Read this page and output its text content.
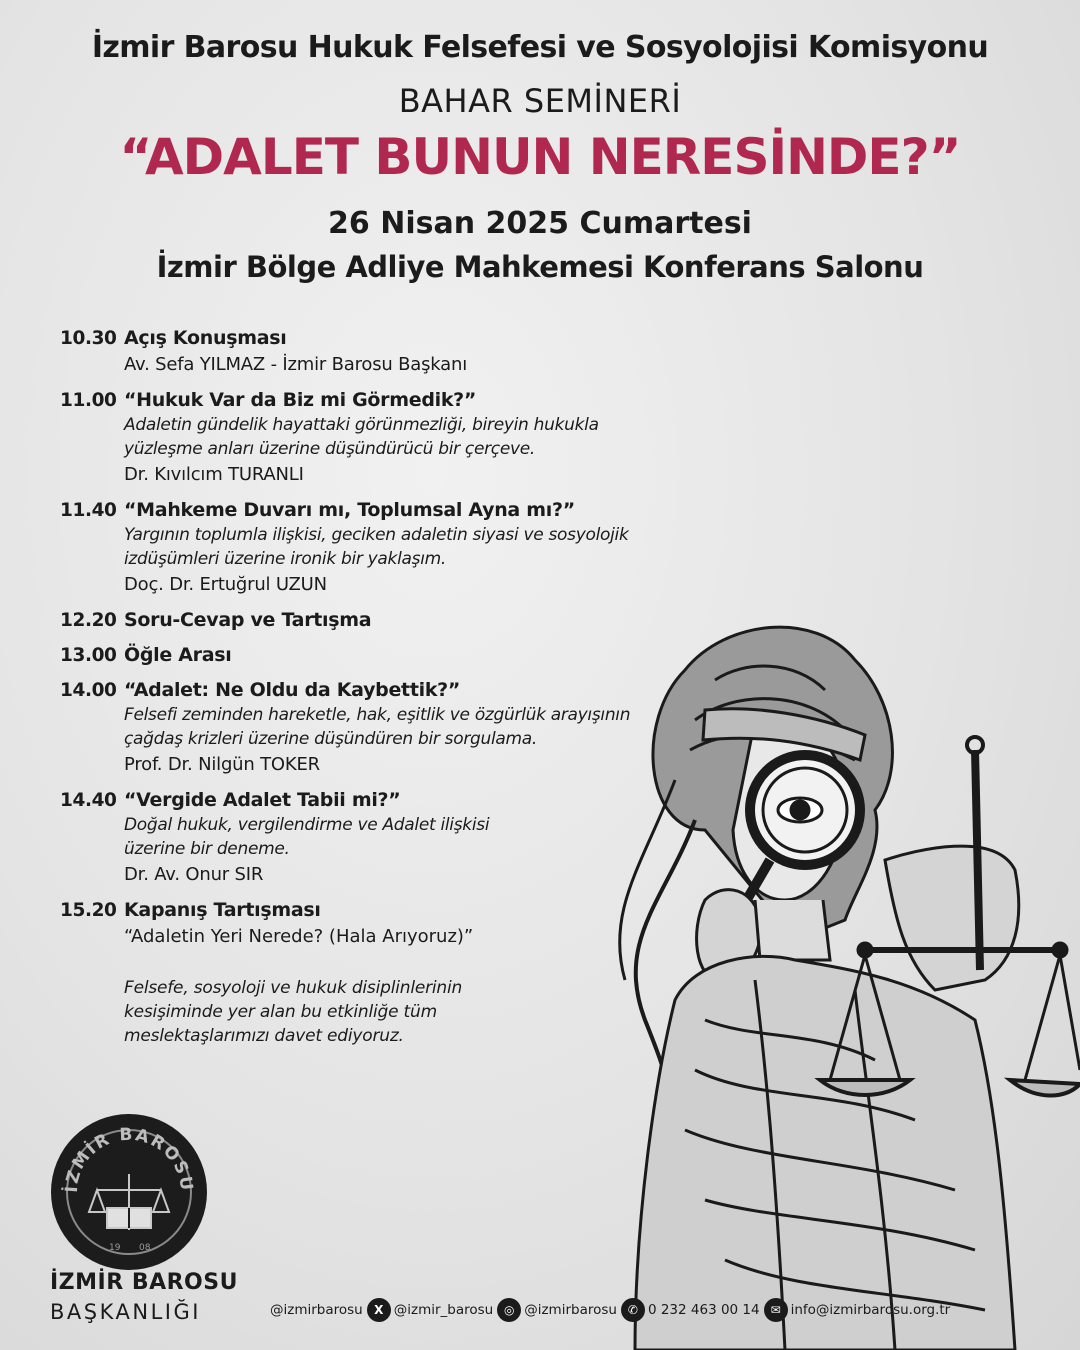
İzmir Barosu Hukuk Felsefesi ve Sosyolojisi Komisyonu
BAHAR SEMİNERİ
“ADALET BUNUN NERESİNDE?”
26 Nisan 2025 Cumartesi
İzmir Bölge Adliye Mahkemesi Konferans Salonu
10.30 Açış Konuşması
Av. Sefa YILMAZ - İzmir Barosu Başkanı
11.00 “Hukuk Var da Biz mi Görmedik?”
Adaletin gündelik hayattaki görünmezliği, bireyin hukukla yüzleşme anları üzerine düşündürücü bir çerçeve.
Dr. Kıvılcım TURANLI
11.40 “Mahkeme Duvarı mı, Toplumsal Ayna mı?”
Yargının toplumla ilişkisi, geciken adaletin siyasi ve sosyolojik izdüşümleri üzerine ironik bir yaklaşım.
Doç. Dr. Ertuğrul UZUN
12.20 Soru-Cevap ve Tartışma
13.00 Öğle Arası
14.00 “Adalet: Ne Oldu da Kaybettik?”
Felsefi zeminden hareketle, hak, eşitlik ve özgürlük arayışının çağdaş krizleri üzerine düşündüren bir sorgulama.
Prof. Dr. Nilgün TOKER
14.40 “Vergide Adalet Tabii mi?”
Doğal hukuk, vergilendirme ve Adalet ilişkisi üzerine bir deneme.
Dr. Av. Onur SIR
15.20 Kapanış Tartışması
“Adaletin Yeri Nerede? (Hala Arıyoruz)”
Felsefe, sosyoloji ve hukuk disiplinlerinin kesişiminde yer alan bu etkinliğe tüm meslektaşlarımızı davet ediyoruz.
İZMİR BAROSU
19 08
İZMİR BAROSU
BAŞKANLIĞI	@izmirbarosu X @izmir_barosu ◎ @izmirbarosu ✆ 0 232 463 00 14 ✉ info@izmirbarosu.org.tr
